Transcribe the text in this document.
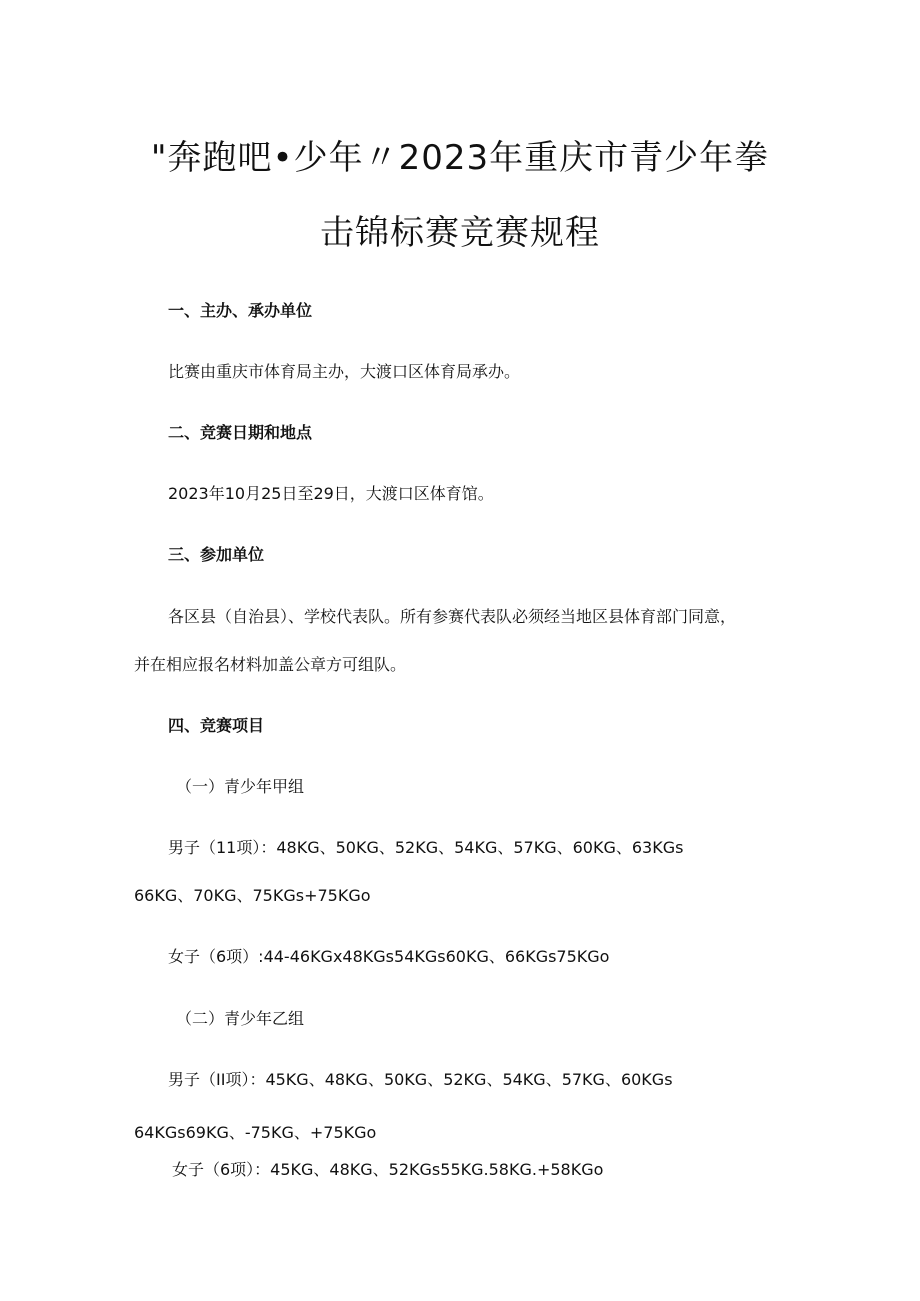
"奔跑吧•少年〃2023年重庆市青少年拳
击锦标赛竞赛规程

一、主办、承办单位

比赛由重庆市体育局主办，大渡口区体育局承办。

二、竞赛日期和地点

2023年10月25日至29日，大渡口区体育馆。

三、参加单位

各区县（自治县）、学校代表队。所有参赛代表队必须经当地区县体育部门同意，

并在相应报名材料加盖公章方可组队。

四、竞赛项目

（一）青少年甲组

男子（11项）：48KG、50KG、52KG、54KG、57KG、60KG、63KGs

66KG、70KG、75KGs+75KGo

女子（6项）:44-46KGx48KGs54KGs60KG、66KGs75KGo

（二）青少年乙组

男子（II项）：45KG、48KG、50KG、52KG、54KG、57KG、60KGs

64KGs69KG、-75KG、+75KGo

女子（6项）：45KG、48KG、52KGs55KG.58KG.+58KGo
